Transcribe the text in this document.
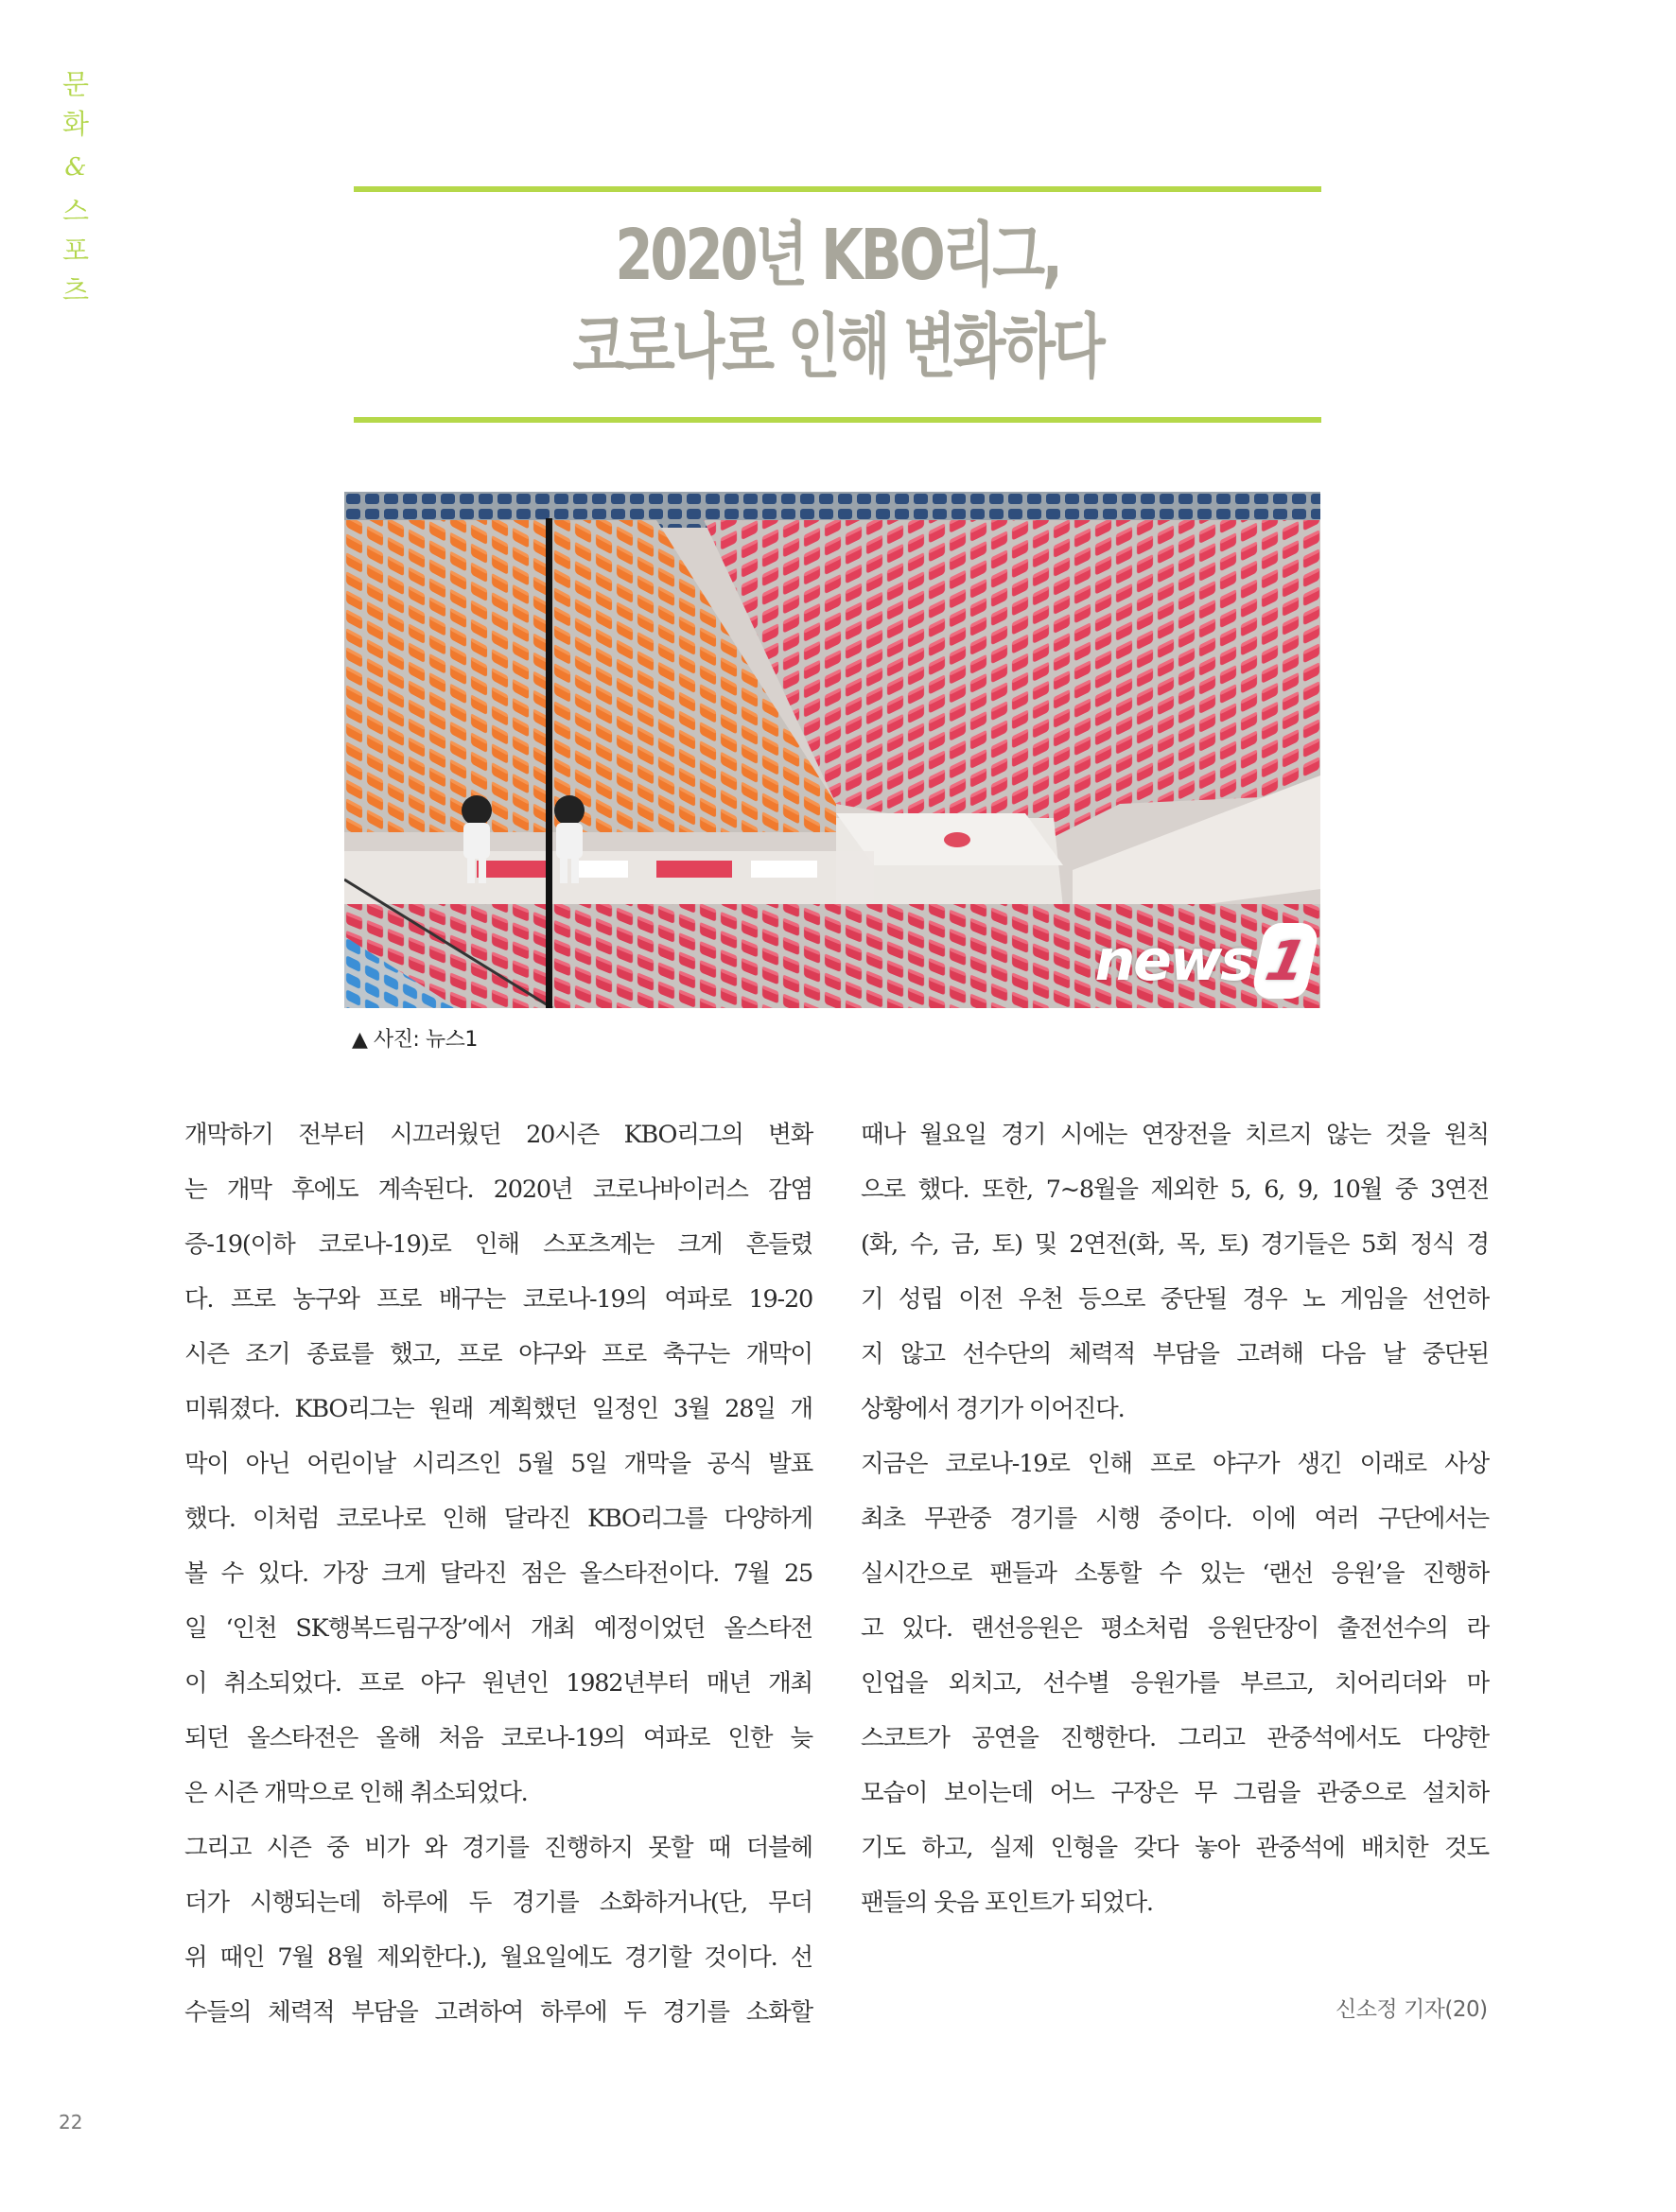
문
화
&
스
포
츠	2020년 KBO리그,
코로나로 인해 변화하다
news 1
▲ 사진: 뉴스1
개막하기 전부터 시끄러웠던 20시즌 KBO리그의 변화
는 개막 후에도 계속된다. 2020년 코로나바이러스 감염
증-19(이하 코로나-19)로 인해 스포츠계는 크게 흔들렸
다. 프로 농구와 프로 배구는 코로나-19의 여파로 19-20
시즌 조기 종료를 했고, 프로 야구와 프로 축구는 개막이
미뤄졌다. KBO리그는 원래 계획했던 일정인 3월 28일 개
막이 아닌 어린이날 시리즈인 5월 5일 개막을 공식 발표
했다. 이처럼 코로나로 인해 달라진 KBO리그를 다양하게
볼 수 있다. 가장 크게 달라진 점은 올스타전이다. 7월 25
일 ‘인천 SK행복드림구장’에서 개최 예정이었던 올스타전
이 취소되었다. 프로 야구 원년인 1982년부터 매년 개최
되던 올스타전은 올해 처음 코로나-19의 여파로 인한 늦
은 시즌 개막으로 인해 취소되었다.
그리고 시즌 중 비가 와 경기를 진행하지 못할 때 더블헤
더가 시행되는데 하루에 두 경기를 소화하거나(단, 무더
위 때인 7월 8월 제외한다.), 월요일에도 경기할 것이다. 선
수들의 체력적 부담을 고려하여 하루에 두 경기를 소화할
때나 월요일 경기 시에는 연장전을 치르지 않는 것을 원칙
으로 했다. 또한, 7~8월을 제외한 5, 6, 9, 10월 중 3연전
(화, 수, 금, 토) 및 2연전(화, 목, 토) 경기들은 5회 정식 경
기 성립 이전 우천 등으로 중단될 경우 노 게임을 선언하
지 않고 선수단의 체력적 부담을 고려해 다음 날 중단된
상황에서 경기가 이어진다.
지금은 코로나-19로 인해 프로 야구가 생긴 이래로 사상
최초 무관중 경기를 시행 중이다. 이에 여러 구단에서는
실시간으로 팬들과 소통할 수 있는 ‘랜선 응원’을 진행하
고 있다. 랜선응원은 평소처럼 응원단장이 출전선수의 라
인업을 외치고, 선수별 응원가를 부르고, 치어리더와 마
스코트가 공연을 진행한다. 그리고 관중석에서도 다양한
모습이 보이는데 어느 구장은 무 그림을 관중으로 설치하
기도 하고, 실제 인형을 갖다 놓아 관중석에 배치한 것도
팬들의 웃음 포인트가 되었다.
신소정 기자(20)
22
